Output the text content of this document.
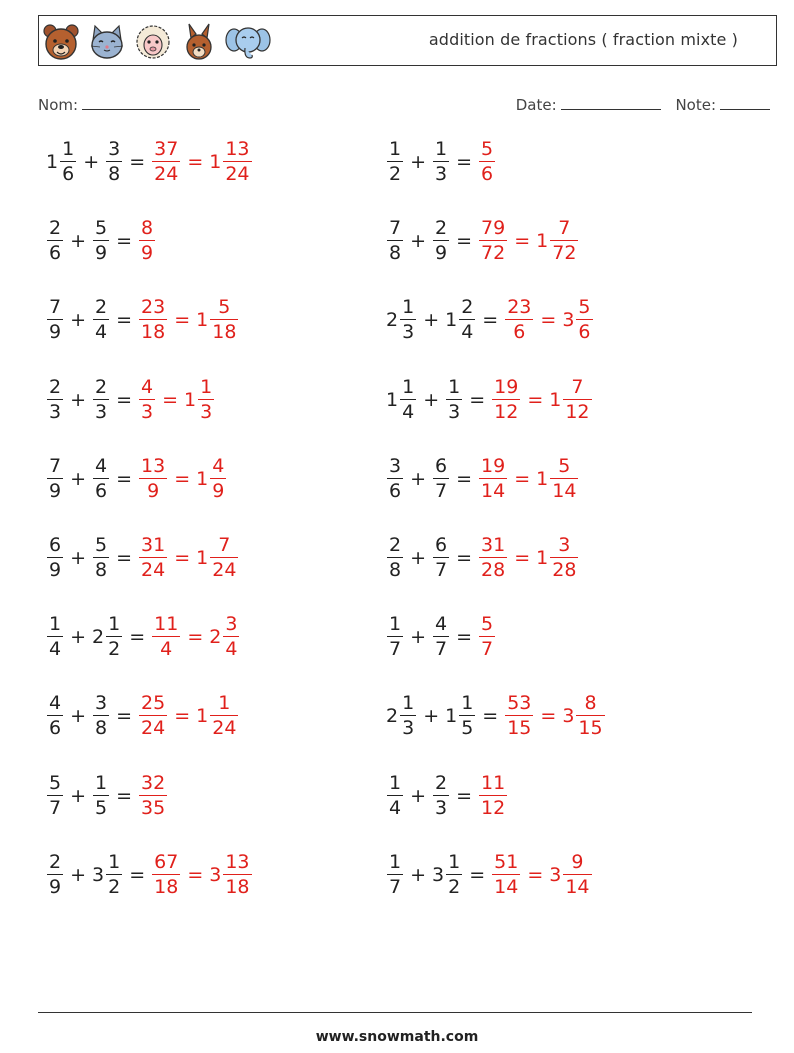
addition de fractions ( fraction mixte )
Nom:	Date:	Note:
$1 \frac{1}{6} + \frac{3}{8} = \frac{37}{24} = 1 \frac{13}{24}$
$\frac{2}{6} + \frac{5}{9} = \frac{8}{9}$
$\frac{7}{9} + \frac{2}{4} = \frac{23}{18} = 1 \frac{5}{18}$
$\frac{2}{3} + \frac{2}{3} = \frac{4}{3} = 1 \frac{1}{3}$
$\frac{7}{9} + \frac{4}{6} = \frac{13}{9} = 1 \frac{4}{9}$
$\frac{6}{9} + \frac{5}{8} = \frac{31}{24} = 1 \frac{7}{24}$
$\frac{1}{4} + 2 \frac{1}{2} = \frac{11}{4} = 2 \frac{3}{4}$
$\frac{4}{6} + \frac{3}{8} = \frac{25}{24} = 1 \frac{1}{24}$
$\frac{5}{7} + \frac{1}{5} = \frac{32}{35}$
$\frac{2}{9} + 3 \frac{1}{2} = \frac{67}{18} = 3 \frac{13}{18}$
$\frac{1}{2} + \frac{1}{3} = \frac{5}{6}$
$\frac{7}{8} + \frac{2}{9} = \frac{79}{72} = 1 \frac{7}{72}$
$2 \frac{1}{3} + 1 \frac{2}{4} = \frac{23}{6} = 3 \frac{5}{6}$
$1 \frac{1}{4} + \frac{1}{3} = \frac{19}{12} = 1 \frac{7}{12}$
$\frac{3}{6} + \frac{6}{7} = \frac{19}{14} = 1 \frac{5}{14}$
$\frac{2}{8} + \frac{6}{7} = \frac{31}{28} = 1 \frac{3}{28}$
$\frac{1}{7} + \frac{4}{7} = \frac{5}{7}$
$2 \frac{1}{3} + 1 \frac{1}{5} = \frac{53}{15} = 3 \frac{8}{15}$
$\frac{1}{4} + \frac{2}{3} = \frac{11}{12}$
$\frac{1}{7} + 3 \frac{1}{2} = \frac{51}{14} = 3 \frac{9}{14}$
www.snowmath.com
